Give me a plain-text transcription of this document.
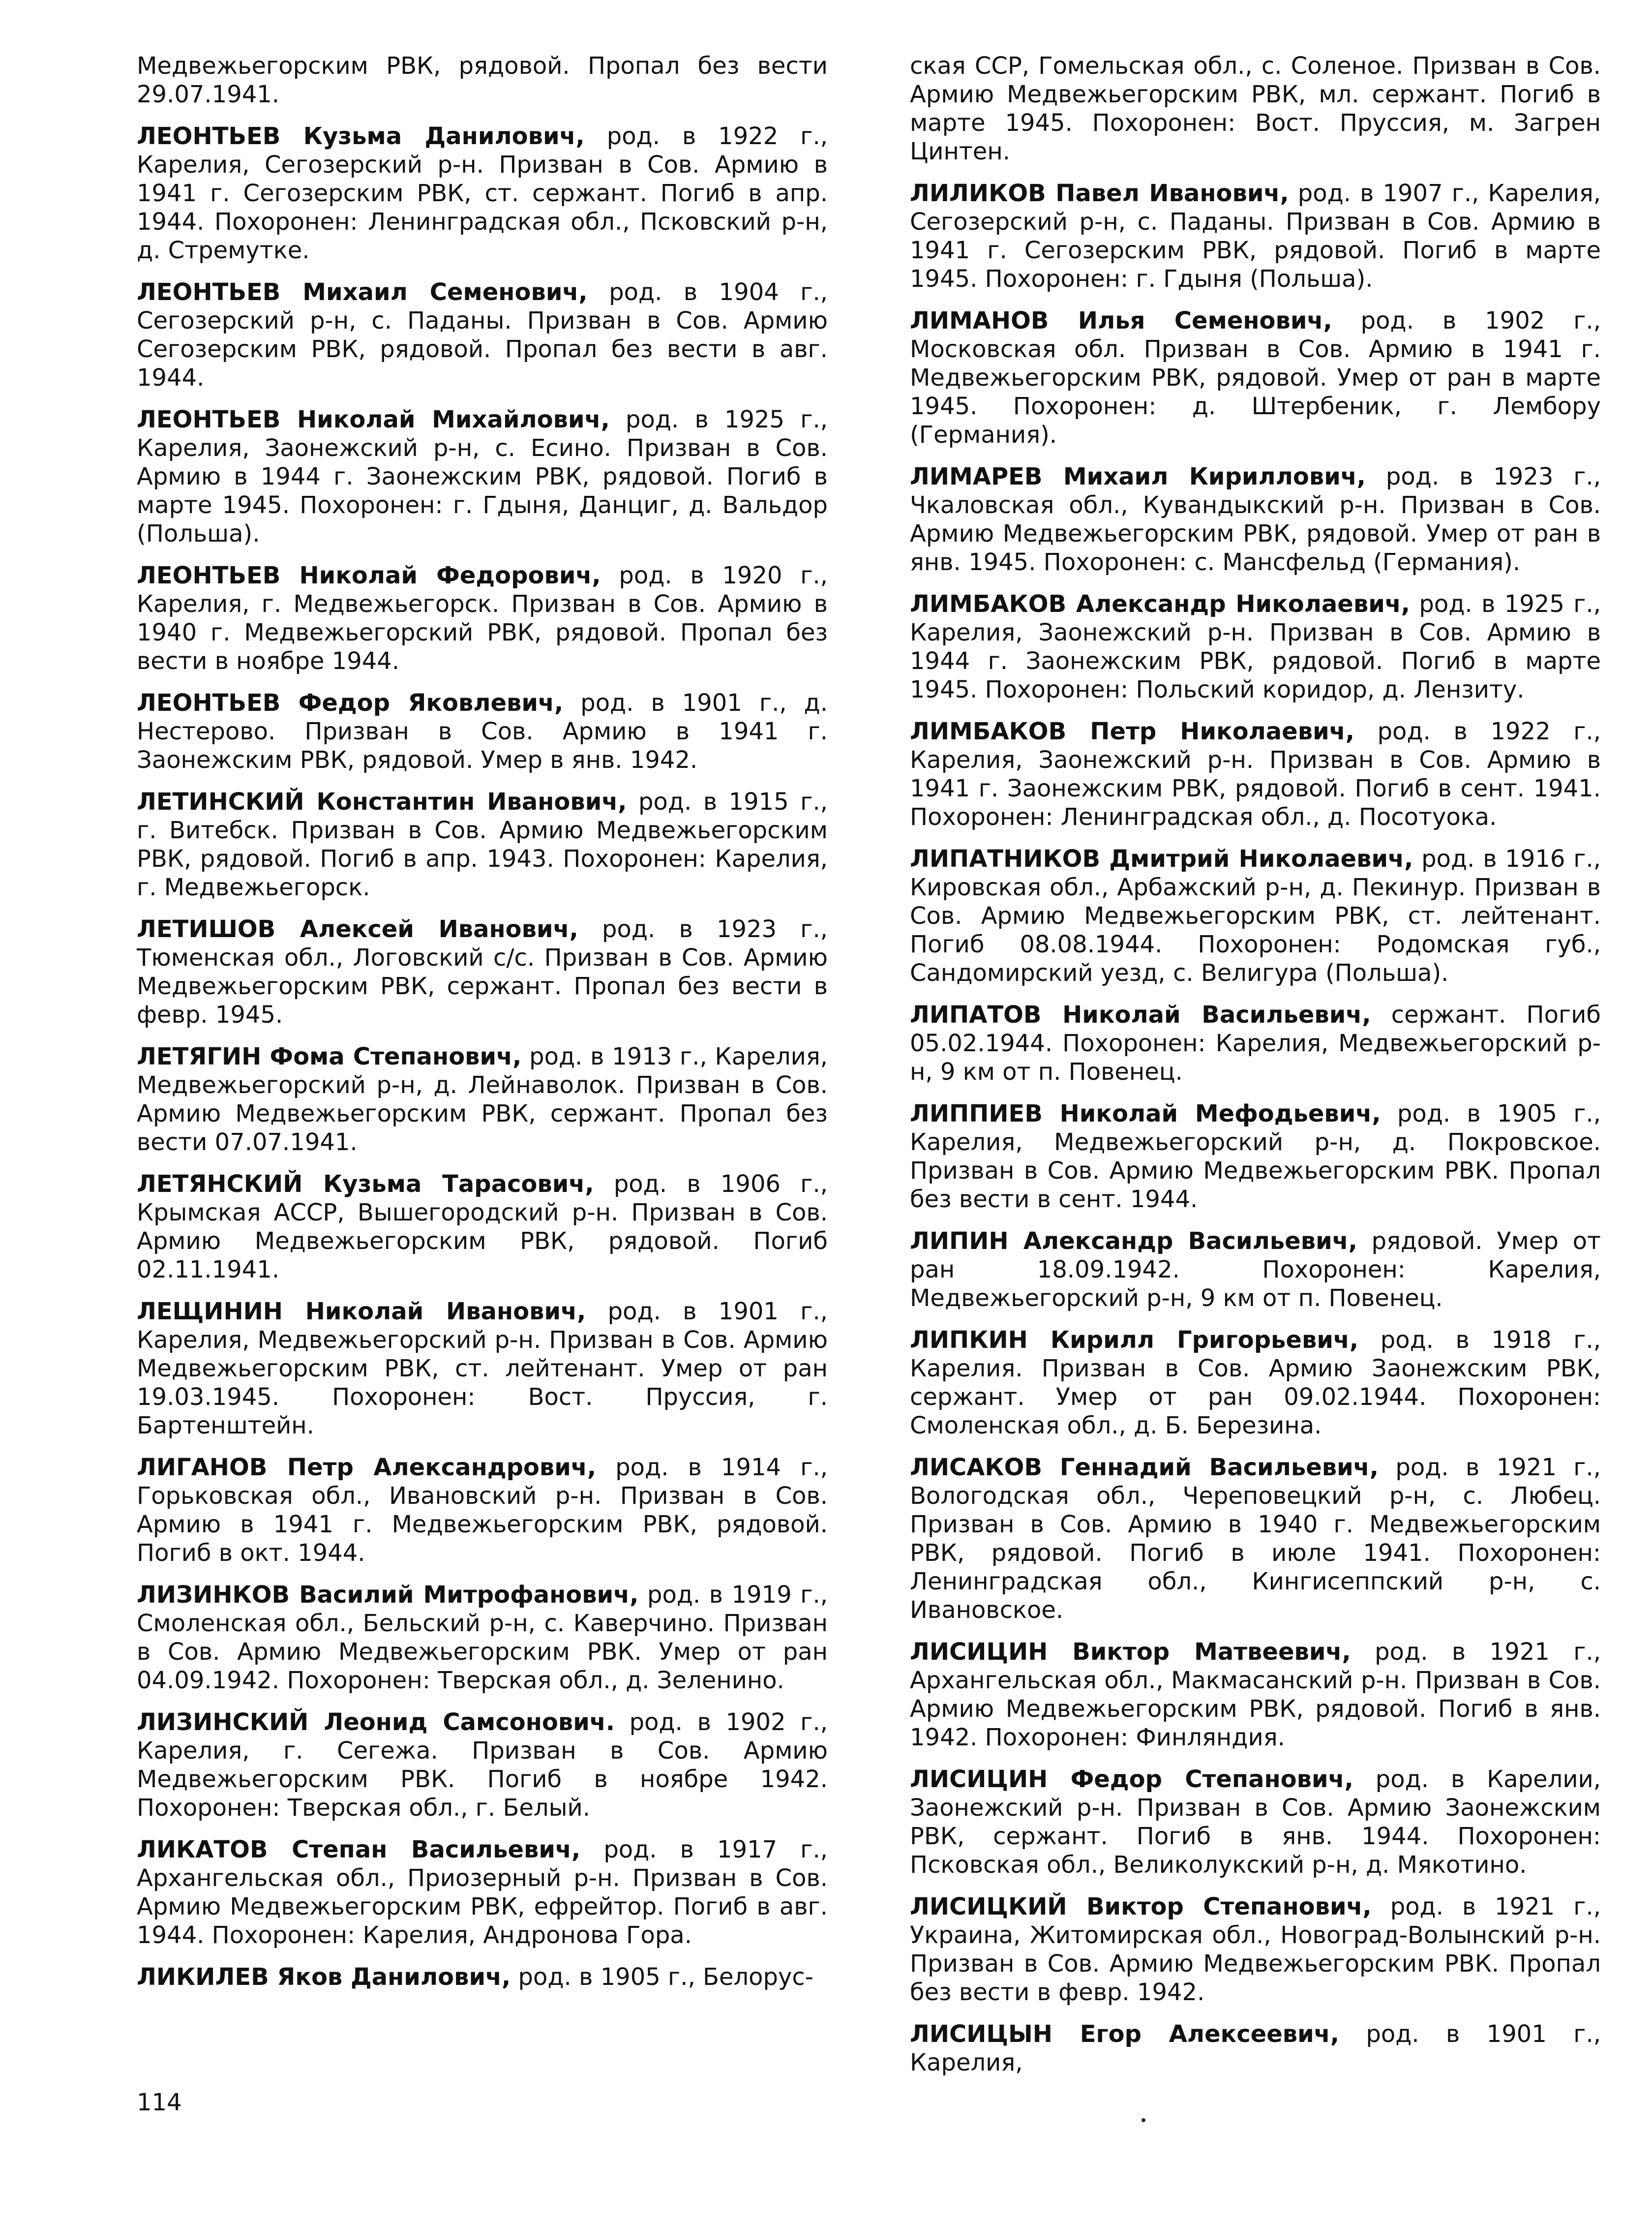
Медвежьегорским РВК, рядовой. Пропал без вести 29.07.1941.

ЛЕОНТЬЕВ Кузьма Данилович, род. в 1922 г., Карелия, Сегозерский р-н. Призван в Сов. Армию в 1941 г. Сегозерским РВК, ст. сержант. Погиб в апр. 1944. Похоронен: Ленинградская обл., Псковский р-н, д. Стремутке.

ЛЕОНТЬЕВ Михаил Семенович, род. в 1904 г., Сегозерский р-н, с. Паданы. Призван в Сов. Армию Сегозерским РВК, рядовой. Пропал без вести в авг. 1944.

ЛЕОНТЬЕВ Николай Михайлович, род. в 1925 г., Карелия, Заонежский р-н, с. Есино. Призван в Сов. Армию в 1944 г. Заонежским РВК, рядовой. Погиб в марте 1945. Похоронен: г. Гдыня, Данциг, д. Вальдор (Польша).

ЛЕОНТЬЕВ Николай Федорович, род. в 1920 г., Карелия, г. Медвежьегорск. Призван в Сов. Армию в 1940 г. Медвежьегорский РВК, рядовой. Пропал без вести в ноябре 1944.

ЛЕОНТЬЕВ Федор Яковлевич, род. в 1901 г., д. Нестерово. Призван в Сов. Армию в 1941 г. Заонежским РВК, рядовой. Умер в янв. 1942.

ЛЕТИНСКИЙ Константин Иванович, род. в 1915 г., г. Витебск. Призван в Сов. Армию Медвежьегорским РВК, рядовой. Погиб в апр. 1943. Похоронен: Карелия, г. Медвежьегорск.

ЛЕТИШОВ Алексей Иванович, род. в 1923 г., Тюменская обл., Логовский с/с. Призван в Сов. Армию Медвежьегорским РВК, сержант. Пропал без вести в февр. 1945.

ЛЕТЯГИН Фома Степанович, род. в 1913 г., Карелия, Медвежьегорский р-н, д. Лейнаволок. Призван в Сов. Армию Медвежьегорским РВК, сержант. Пропал без вести 07.07.1941.

ЛЕТЯНСКИЙ Кузьма Тарасович, род. в 1906 г., Крымская АССР, Вышегородский р-н. Призван в Сов. Армию Медвежьегорским РВК, рядовой. Погиб 02.11.1941.

ЛЕЩИНИН Николай Иванович, род. в 1901 г., Карелия, Медвежьегорский р-н. Призван в Сов. Армию Медвежьегорским РВК, ст. лейтенант. Умер от ран 19.03.1945. Похоронен: Вост. Пруссия, г. Бартенштейн.

ЛИГАНОВ Петр Александрович, род. в 1914 г., Горьковская обл., Ивановский р-н. Призван в Сов. Армию в 1941 г. Медвежьегорским РВК, рядовой. Погиб в окт. 1944.

ЛИЗИНКОВ Василий Митрофанович, род. в 1919 г., Смоленская обл., Бельский р-н, с. Каверчино. Призван в Сов. Армию Медвежьегорским РВК. Умер от ран 04.09.1942. Похоронен: Тверская обл., д. Зеленино.

ЛИЗИНСКИЙ Леонид Самсонович. род. в 1902 г., Карелия, г. Сегежа. Призван в Сов. Армию Медвежьегорским РВК. Погиб в ноябре 1942. Похоронен: Тверская обл., г. Белый.

ЛИКАТОВ Степан Васильевич, род. в 1917 г., Архангельская обл., Приозерный р-н. Призван в Сов. Армию Медвежьегорским РВК, ефрейтор. Погиб в авг. 1944. Похоронен: Карелия, Андронова Гора.

ЛИКИЛЕВ Яков Данилович, род. в 1905 г., Белорус-

ская ССР, Гомельская обл., с. Соленое. Призван в Сов. Армию Медвежьегорским РВК, мл. сержант. Погиб в марте 1945. Похоронен: Вост. Пруссия, м. Загрен Цинтен.

ЛИЛИКОВ Павел Иванович, род. в 1907 г., Карелия, Сегозерский р-н, с. Паданы. Призван в Сов. Армию в 1941 г. Сегозерским РВК, рядовой. Погиб в марте 1945. Похоронен: г. Гдыня (Польша).

ЛИМАНОВ Илья Семенович, род. в 1902 г., Московская обл. Призван в Сов. Армию в 1941 г. Медвежьегорским РВК, рядовой. Умер от ран в марте 1945. Похоронен: д. Штербеник, г. Лембору (Германия).

ЛИМАРЕВ Михаил Кириллович, род. в 1923 г., Чкаловская обл., Кувандыкский р-н. Призван в Сов. Армию Медвежьегорским РВК, рядовой. Умер от ран в янв. 1945. Похоронен: с. Мансфельд (Германия).

ЛИМБАКОВ Александр Николаевич, род. в 1925 г., Карелия, Заонежский р-н. Призван в Сов. Армию в 1944 г. Заонежским РВК, рядовой. Погиб в марте 1945. Похоронен: Польский коридор, д. Лензиту.

ЛИМБАКОВ Петр Николаевич, род. в 1922 г., Карелия, Заонежский р-н. Призван в Сов. Армию в 1941 г. Заонежским РВК, рядовой. Погиб в сент. 1941. Похоронен: Ленинградская обл., д. Посотуока.

ЛИПАТНИКОВ Дмитрий Николаевич, род. в 1916 г., Кировская обл., Арбажский р-н, д. Пекинур. Призван в Сов. Армию Медвежьегорским РВК, ст. лейтенант. Погиб 08.08.1944. Похоронен: Родомская губ., Сандомирский уезд, с. Велигура (Польша).

ЛИПАТОВ Николай Васильевич, сержант. Погиб 05.02.1944. Похоронен: Карелия, Медвежьегорский р-н, 9 км от п. Повенец.

ЛИППИЕВ Николай Мефодьевич, род. в 1905 г., Карелия, Медвежьегорский р-н, д. Покровское. Призван в Сов. Армию Медвежьегорским РВК. Пропал без вести в сент. 1944.

ЛИПИН Александр Васильевич, рядовой. Умер от ран 18.09.1942. Похоронен: Карелия, Медвежьегорский р-н, 9 км от п. Повенец.

ЛИПКИН Кирилл Григорьевич, род. в 1918 г., Карелия. Призван в Сов. Армию Заонежским РВК, сержант. Умер от ран 09.02.1944. Похоронен: Смоленская обл., д. Б. Березина.

ЛИСАКОВ Геннадий Васильевич, род. в 1921 г., Вологодская обл., Череповецкий р-н, с. Любец. Призван в Сов. Армию в 1940 г. Медвежьегорским РВК, рядовой. Погиб в июле 1941. Похоронен: Ленинградская обл., Кингисеппский р-н, с. Ивановское.

ЛИСИЦИН Виктор Матвеевич, род. в 1921 г., Архангельская обл., Макмасанский р-н. Призван в Сов. Армию Медвежьегорским РВК, рядовой. Погиб в янв. 1942. Похоронен: Финляндия.

ЛИСИЦИН Федор Степанович, род. в Карелии, Заонежский р-н. Призван в Сов. Армию Заонежским РВК, сержант. Погиб в янв. 1944. Похоронен: Псковская обл., Великолукский р-н, д. Мякотино.

ЛИСИЦКИЙ Виктор Степанович, род. в 1921 г., Украина, Житомирская обл., Новоград-Волынский р-н. Призван в Сов. Армию Медвежьегорским РВК. Пропал без вести в февр. 1942.

ЛИСИЦЫН Егор Алексеевич, род. в 1901 г., Карелия,

114
